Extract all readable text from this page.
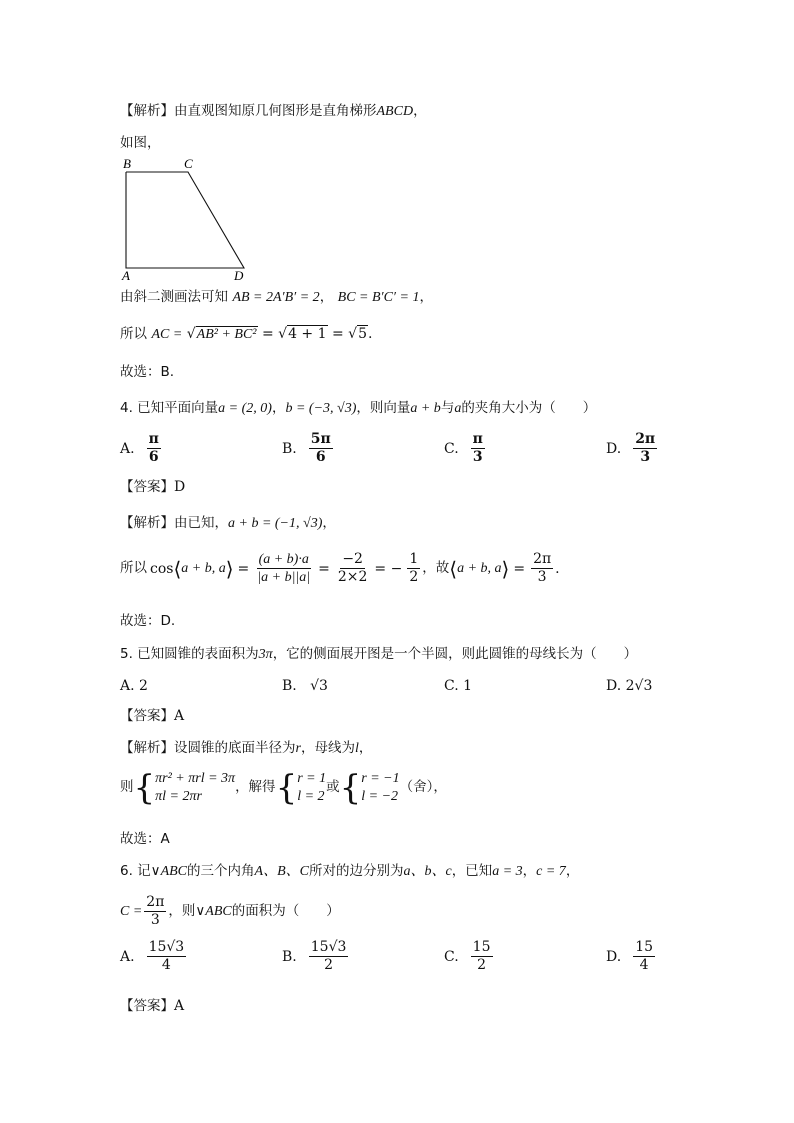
【解析】由直观图知原几何图形是直角梯形ABCD，
如图，
B	C
A	D
由斜二测画法可知 AB = 2A′B′ = 2， BC = B′C′ = 1，
所以 AC = √AB² + BC² = √4 + 1 = √5.
故选：B.
4. 已知平面向量a = (2, 0)，b = (−3, √3)，则向量a + b与a的夹角大小为（　　）
A. $\frac{\pi}{6}$	B. $\frac{5\pi}{6}$	C. $\frac{\pi}{3}$	D. $\frac{2\pi}{3}$
【答案】D
【解析】由已知，a + b = (−1, √3)，
所以 cos ⟨ a + b, a ⟩ = $\frac{(a + b)\cdot a}{|a + b||a|} = \frac{-2}{2\times 2}$ = − $\frac{1}{2}$ ，故 ⟨ a + b, a ⟩ = $\frac{2\pi}{3}$ .
故选：D.
5. 已知圆锥的表面积为3π，它的侧面展开图是一个半圆，则此圆锥的母线长为（　　）
A.
2	B.
√3	C.
1	D.
2√3
【答案】A
【解析】设圆锥的底面半径为r，母线为l，
则 { πr² + πrl = 3π
πl = 2πr
，解得 { r = 1
l = 2
或 { r = −1
l = −2
（舍），
故选：A
6. 记∨ABC的三个内角A、B、C所对的边分别为a、b、c，已知a = 3，c = 7，
$C = \frac{2\pi}{3}$ ，则∨ ABC 的面积为（　　）
A. $\frac{15√3}{4}$	B. $\frac{15√3}{2}$	C. $\frac{15}{2}$	D. $\frac{15}{4}$
【答案】A
